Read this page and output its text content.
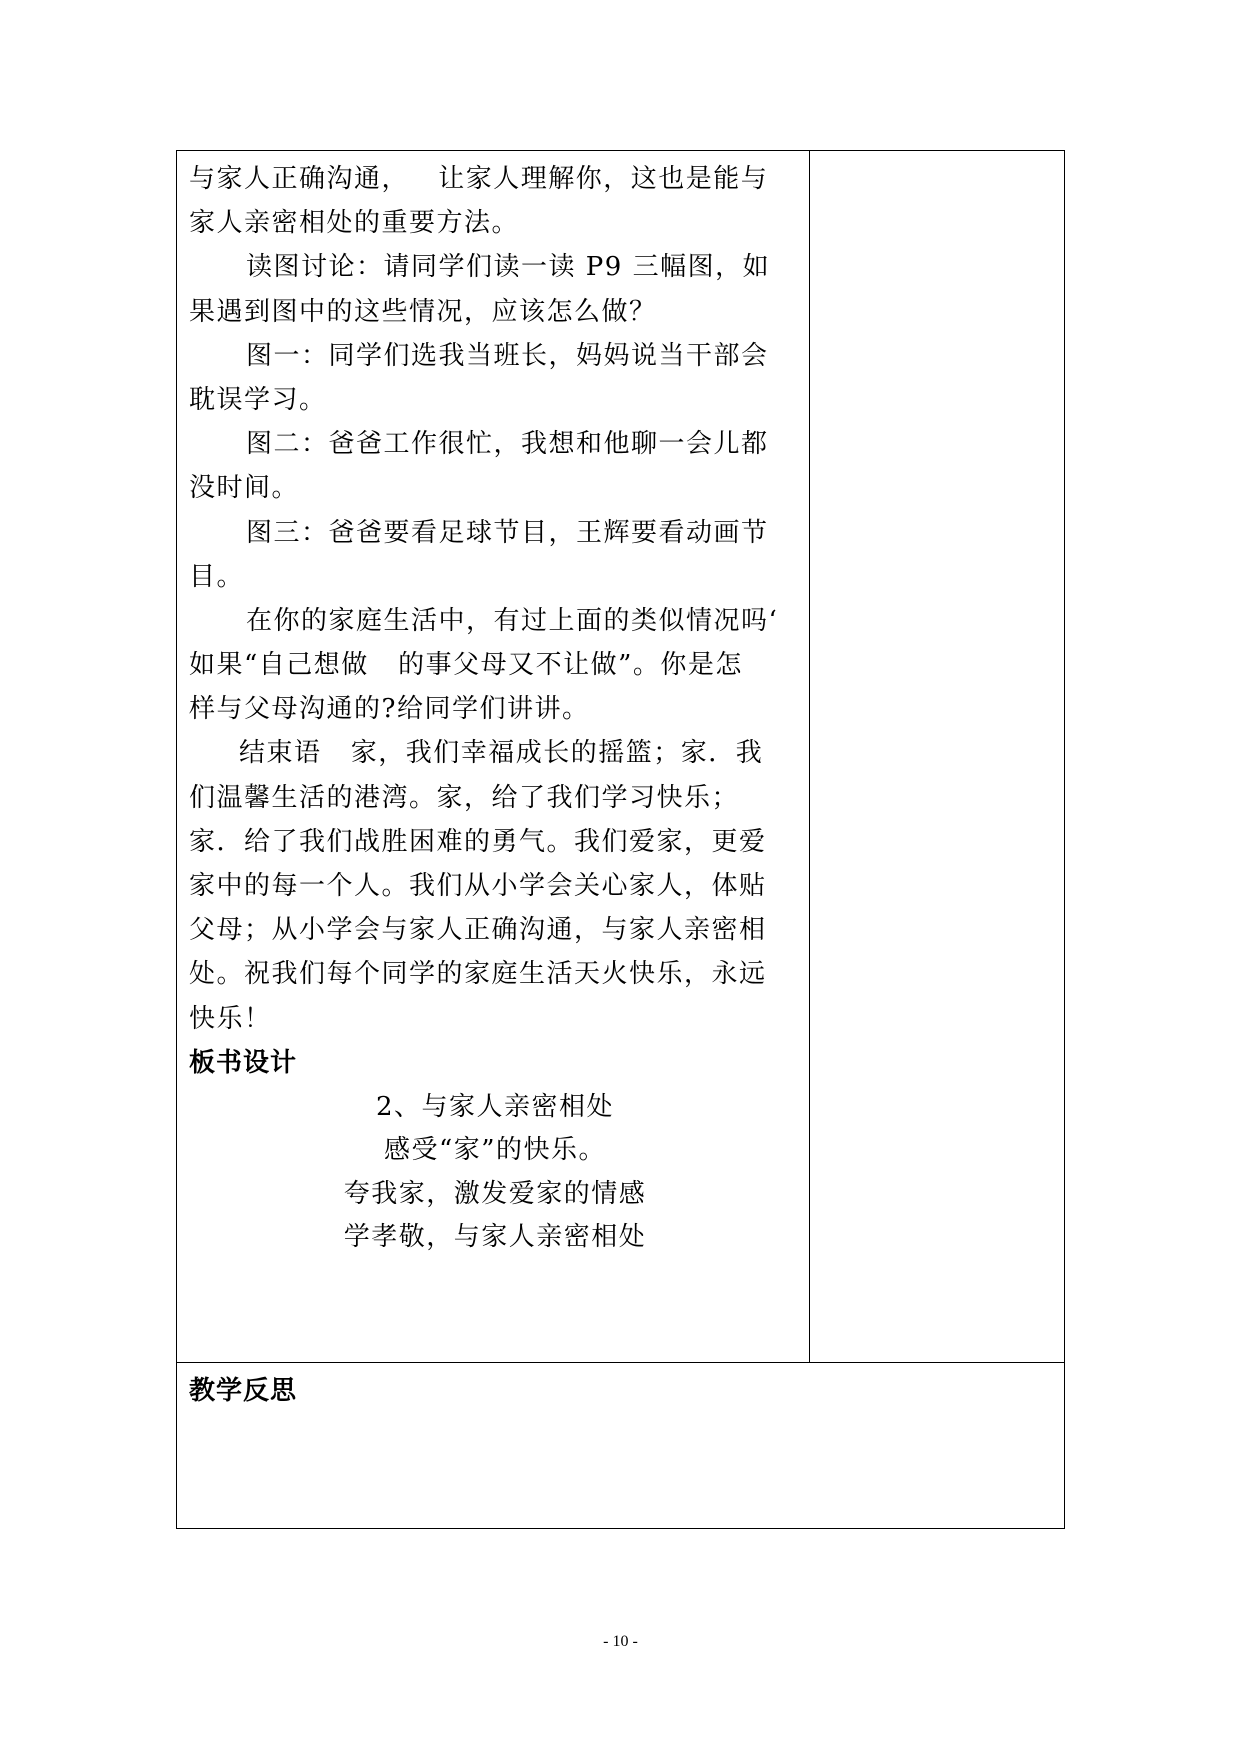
与家人正确沟通，   让家人理解你，这也是能与
家人亲密相处的重要方法。
读图讨论：请同学们读一读 P9 三幅图，如
果遇到图中的这些情况，应该怎么做？
图一：同学们选我当班长，妈妈说当干部会
耽误学习。
图二：爸爸工作很忙，我想和他聊一会儿都
没时间。
图三：爸爸要看足球节目，王辉要看动画节
目。
在你的家庭生活中，有过上面的类似情况吗‘
如果“自己想做   的事父母又不让做”。你是怎
样与父母沟通的?给同学们讲讲。
结束语   家，我们幸福成长的摇篮；家．我
们温馨生活的港湾。家，给了我们学习快乐；
家．给了我们战胜困难的勇气。我们爱家，更爱
家中的每一个人。我们从小学会关心家人，体贴
父母；从小学会与家人正确沟通，与家人亲密相
处。祝我们每个同学的家庭生活天火快乐，永远
快乐！
板书设计
2、与家人亲密相处
感受“家”的快乐。
夸我家，激发爱家的情感
学孝敬，与家人亲密相处
教学反思
- 10 -
